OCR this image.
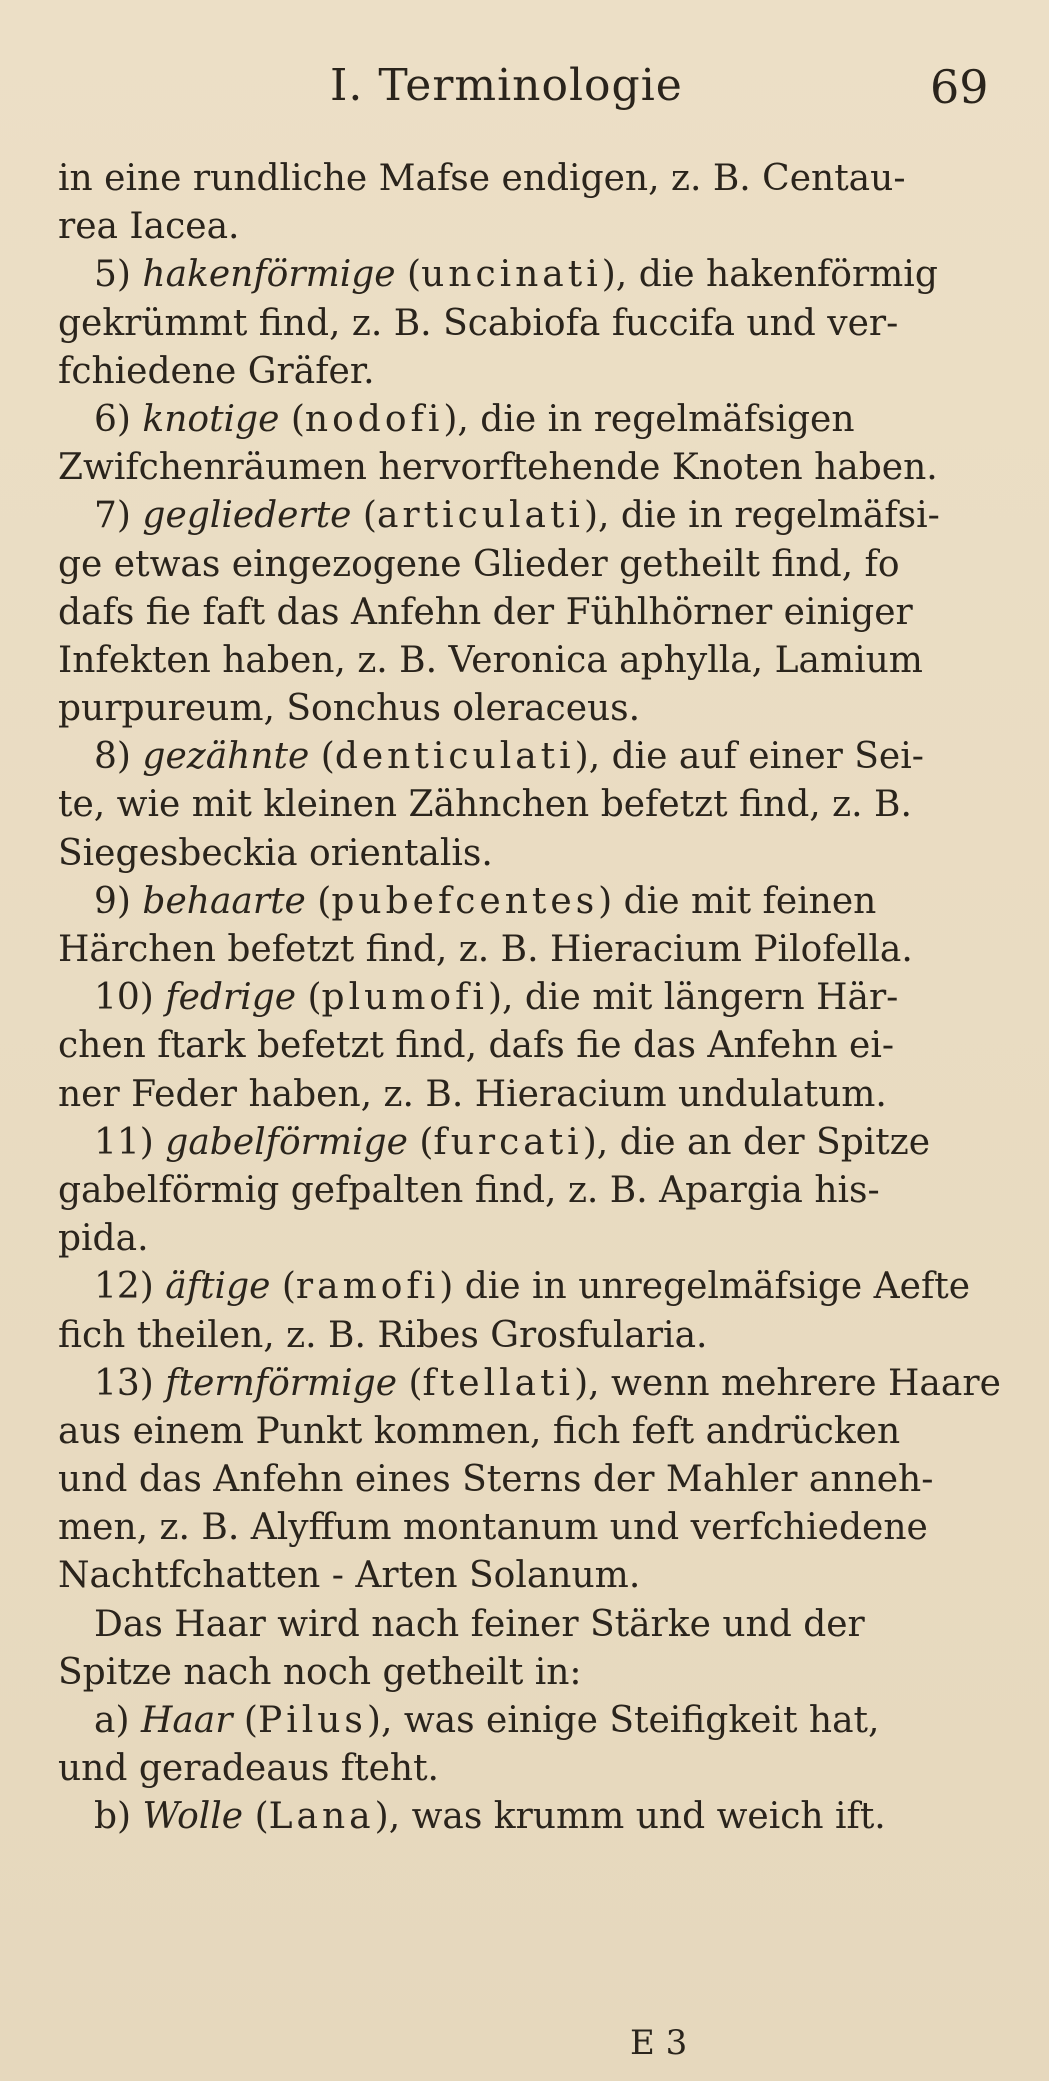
I. Terminologie	69
in eine rundliche Mafse endigen, z. B. Centau-
rea Iacea.
5) hakenförmige (uncinati), die hakenförmig
gekrümmt find, z. B. Scabiofa fuccifa und ver-
fchiedene Gräfer.
6) knotige (nodofi), die in regelmäfsigen
Zwifchenräumen hervorftehende Knoten haben.
7) gegliederte (articulati), die in regelmäfsi-
ge etwas eingezogene Glieder getheilt find, fo
dafs fie faft das Anfehn der Fühlhörner einiger
Infekten haben, z. B. Veronica aphylla, Lamium
purpureum, Sonchus oleraceus.
8) gezähnte (denticulati), die auf einer Sei-
te, wie mit kleinen Zähnchen befetzt find, z. B.
Siegesbeckia orientalis.
9) behaarte (pubefcentes) die mit feinen
Härchen befetzt find, z. B. Hieracium Pilofella.
10) fedrige (plumofi), die mit längern Här-
chen ftark befetzt find, dafs fie das Anfehn ei-
ner Feder haben, z. B. Hieracium undulatum.
11) gabelförmige (furcati), die an der Spitze
gabelförmig gefpalten find, z. B. Apargia his-
pida.
12) äftige (ramofi) die in unregelmäfsige Aefte
fich theilen, z. B. Ribes Grosfularia.
13) fternförmige (ftellati), wenn mehrere Haare
aus einem Punkt kommen, fich feft andrücken
und das Anfehn eines Sterns der Mahler anneh-
men, z. B. Alyffum montanum und verfchiedene
Nachtfchatten - Arten Solanum.
Das Haar wird nach feiner Stärke und der
Spitze nach noch getheilt in:
a) Haar (Pilus), was einige Steifigkeit hat,
und geradeaus fteht.
b) Wolle (Lana), was krumm und weich ift.
E 3
